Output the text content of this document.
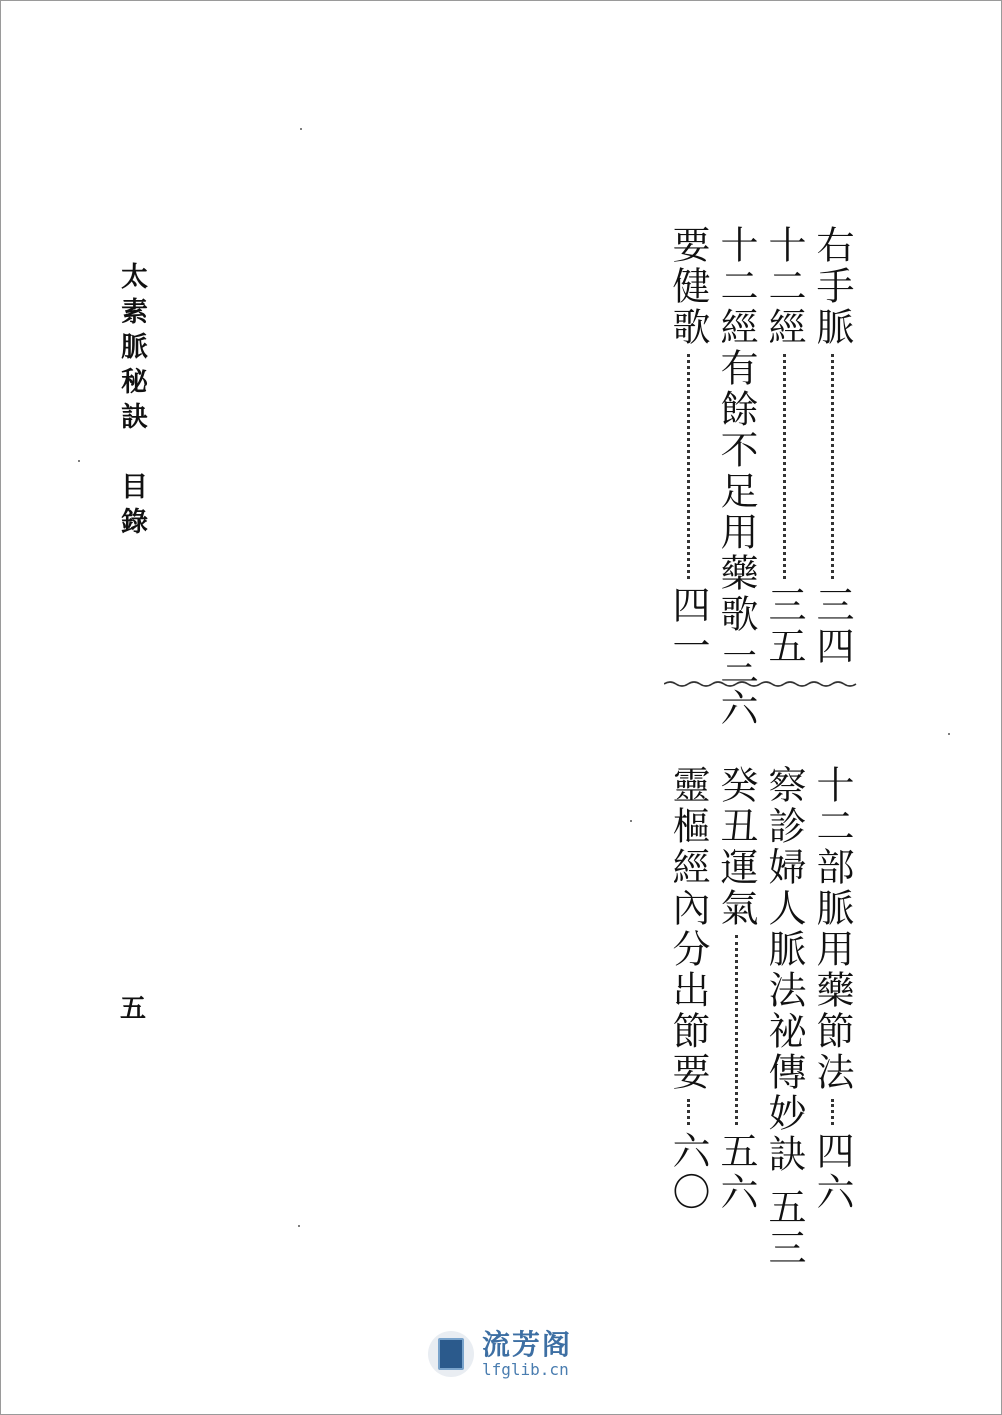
太素脈秘訣　目錄
五
右手脈
三四
十二經
三五
十二經有餘不足用藥歌
三六
要健歌
四一
十二部脈用藥節法
四六
察診婦人脈法祕傳妙訣
五三
癸丑運氣
五六
靈樞經內分出節要
六〇
流芳阁
lfglib.cn
